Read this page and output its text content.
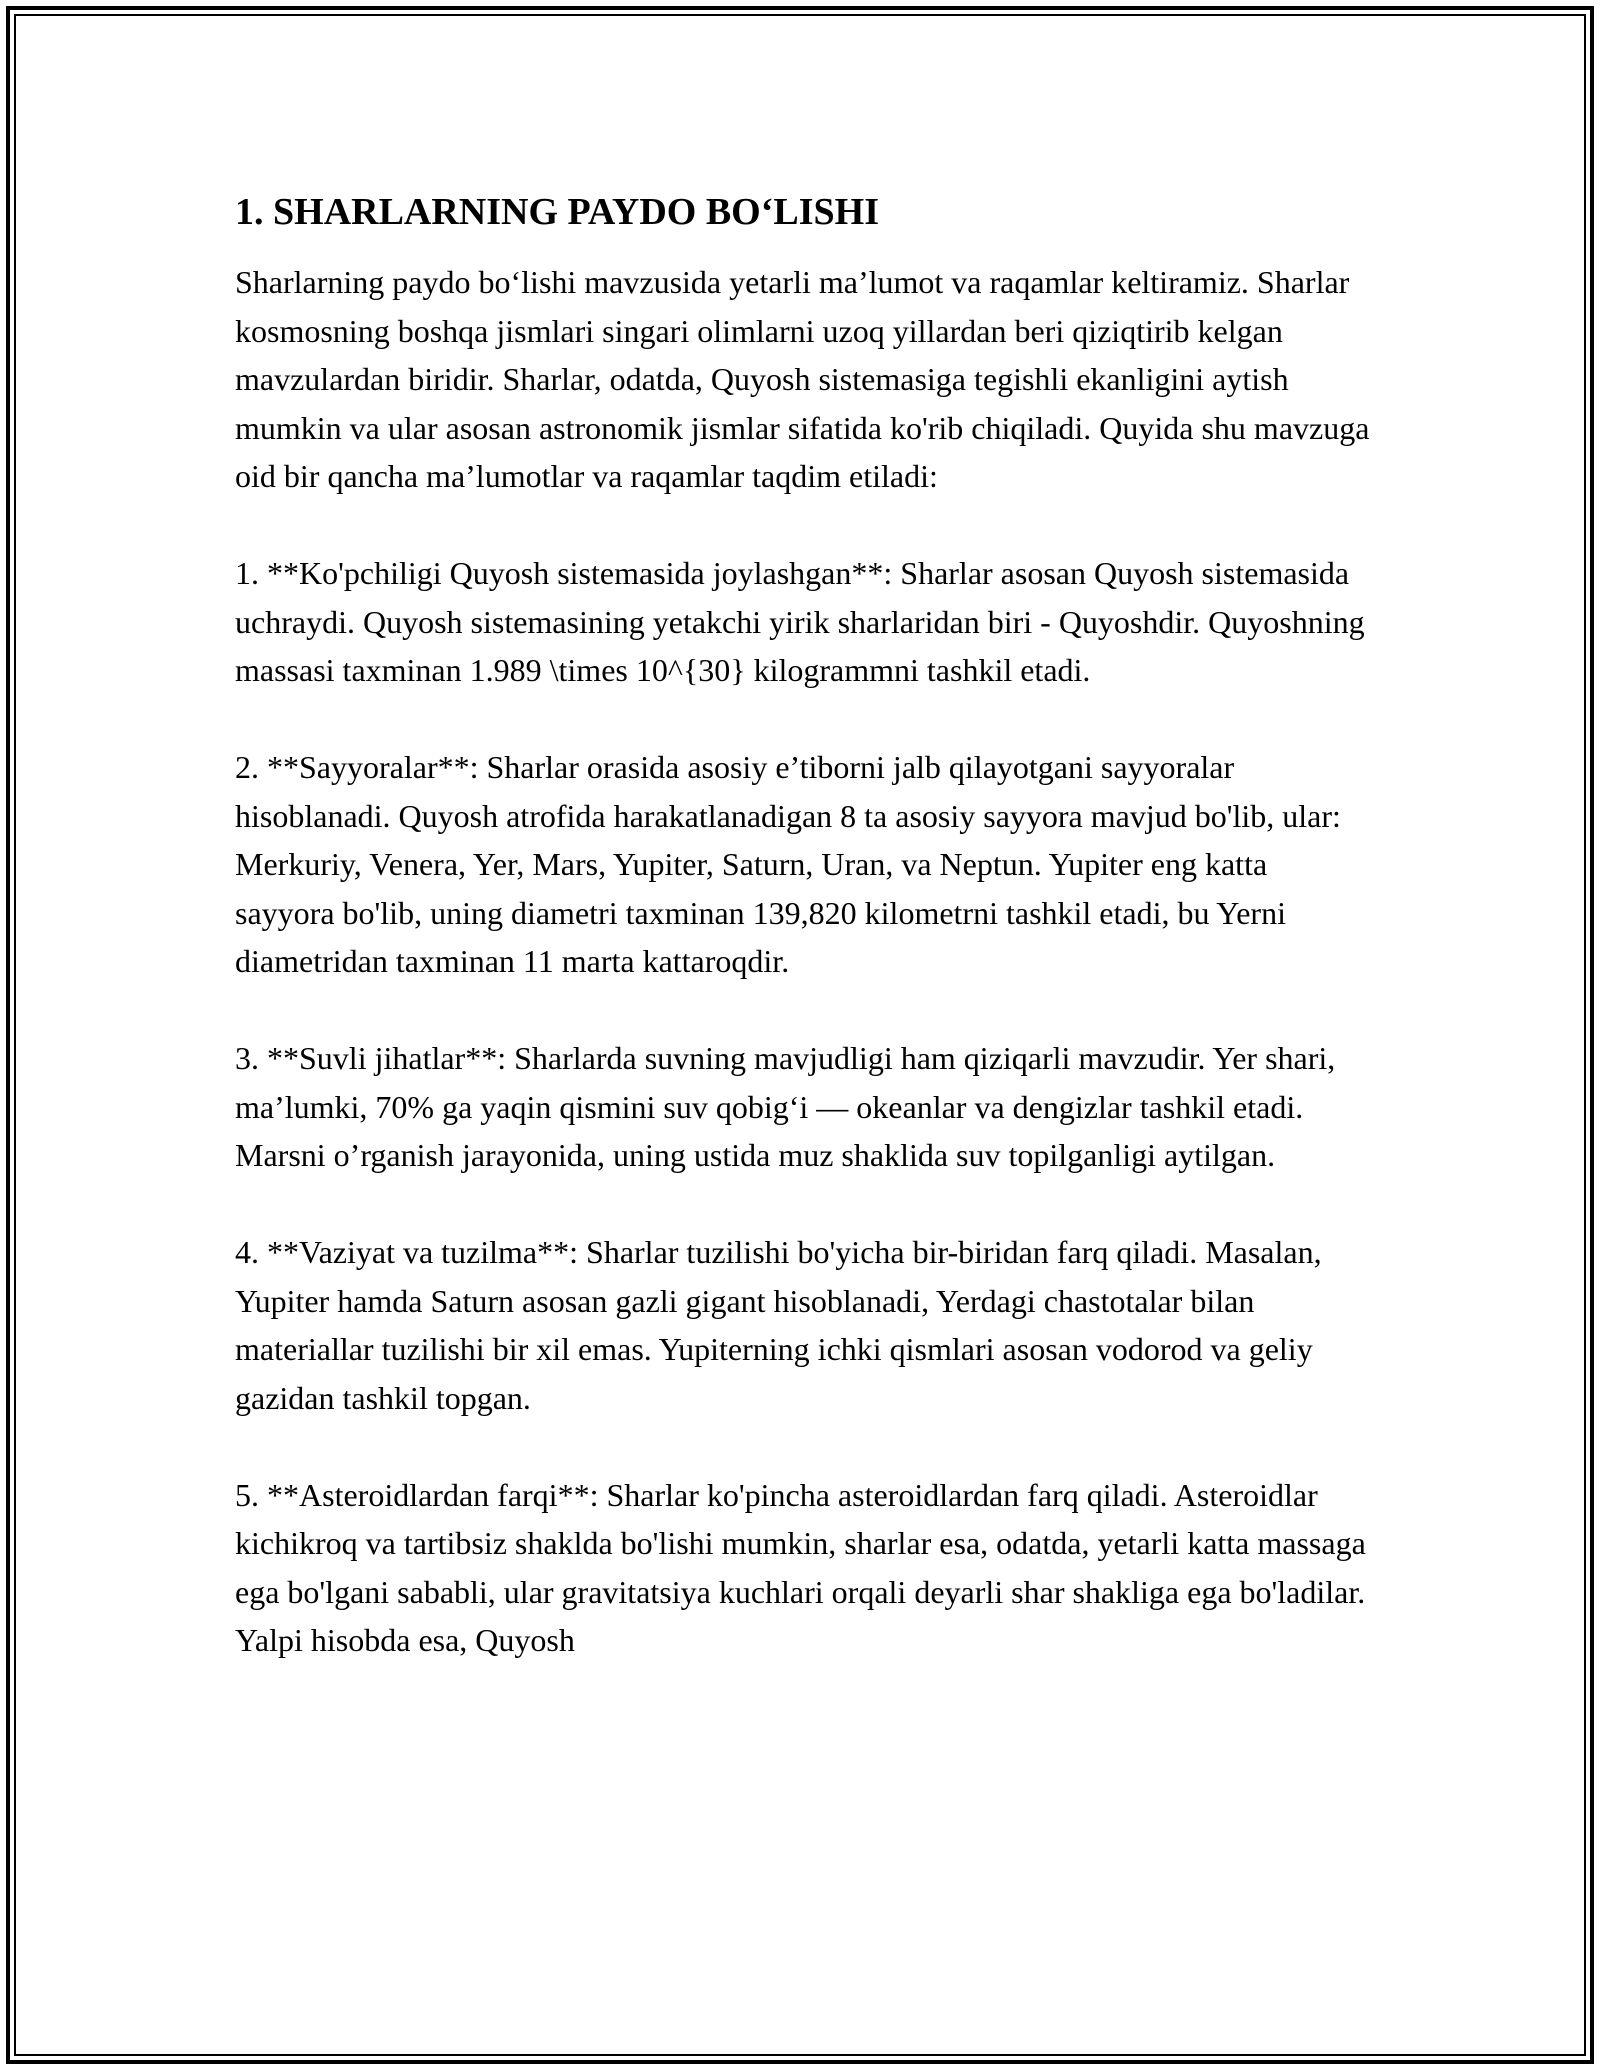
1. SHARLARNING PAYDO BO‘LISHI

Sharlarning paydo bo‘lishi mavzusida yetarli ma’lumot va raqamlar keltiramiz. Sharlar kosmosning boshqa jismlari singari olimlarni uzoq yillardan beri qiziqtirib kelgan mavzulardan biridir. Sharlar, odatda, Quyosh sistemasiga tegishli ekanligini aytish mumkin va ular asosan astronomik jismlar sifatida ko'rib chiqiladi. Quyida shu mavzuga oid bir qancha ma’lumotlar va raqamlar taqdim etiladi:

1. **Ko'pchiligi Quyosh sistemasida joylashgan**: Sharlar asosan Quyosh sistemasida uchraydi. Quyosh sistemasining yetakchi yirik sharlaridan biri - Quyoshdir. Quyoshning massasi taxminan 1.989 \times 10^{30} kilogrammni tashkil etadi.

2. **Sayyoralar**: Sharlar orasida asosiy e’tiborni jalb qilayotgani sayyoralar hisoblanadi. Quyosh atrofida harakatlanadigan 8 ta asosiy sayyora mavjud bo'lib, ular: Merkuriy, Venera, Yer, Mars, Yupiter, Saturn, Uran, va Neptun. Yupiter eng katta sayyora bo'lib, uning diametri taxminan 139,820 kilometrni tashkil etadi, bu Yerni diametridan taxminan 11 marta kattaroqdir.

3. **Suvli jihatlar**: Sharlarda suvning mavjudligi ham qiziqarli mavzudir. Yer shari, ma’lumki, 70% ga yaqin qismini suv qobig‘i — okeanlar va dengizlar tashkil etadi. Marsni o’rganish jarayonida, uning ustida muz shaklida suv topilganligi aytilgan.

4. **Vaziyat va tuzilma**: Sharlar tuzilishi bo'yicha bir-biridan farq qiladi. Masalan, Yupiter hamda Saturn asosan gazli gigant hisoblanadi, Yerdagi chastotalar bilan materiallar tuzilishi bir xil emas. Yupiterning ichki qismlari asosan vodorod va geliy gazidan tashkil topgan.

5. **Asteroidlardan farqi**: Sharlar ko'pincha asteroidlardan farq qiladi. Asteroidlar kichikroq va tartibsiz shaklda bo'lishi mumkin, sharlar esa, odatda, yetarli katta massaga ega bo'lgani sababli, ular gravitatsiya kuchlari orqali deyarli shar shakliga ega bo'ladilar. Yalpi hisobda esa, Quyosh
